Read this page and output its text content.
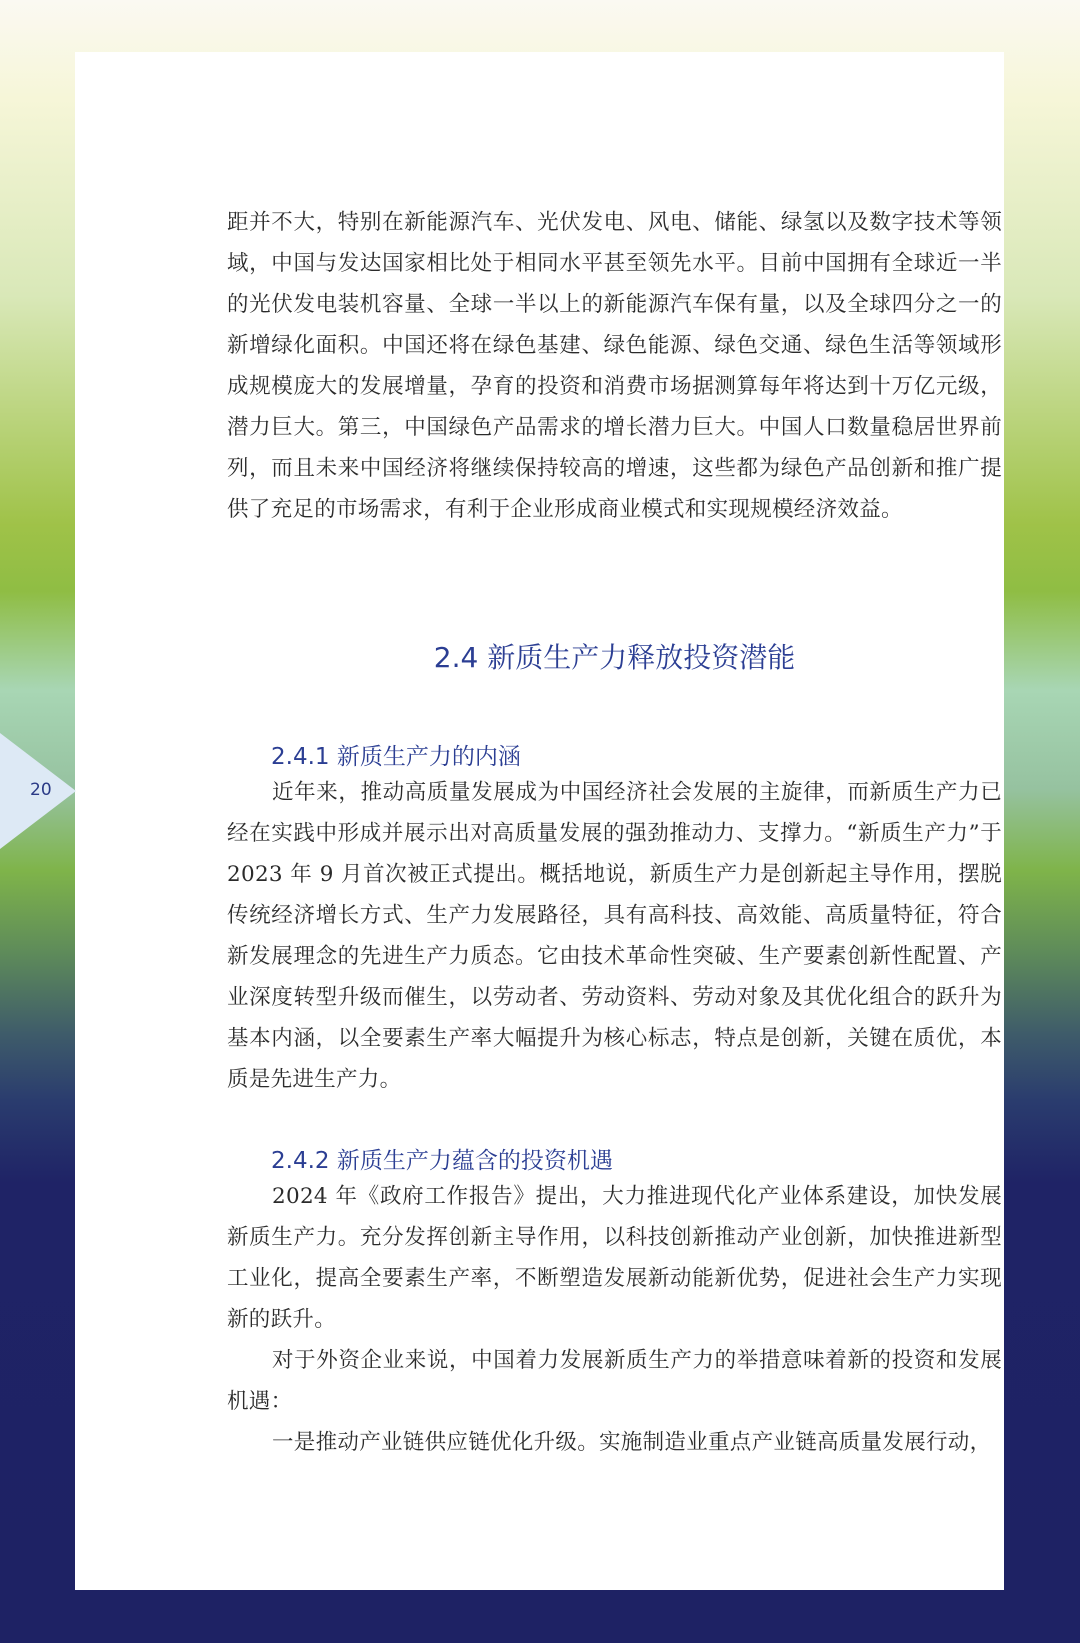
距并不大，特别在新能源汽车、光伏发电、风电、储能、绿氢以及数字技术等领域，中国与发达国家相比处于相同水平甚至领先水平。目前中国拥有全球近一半的光伏发电装机容量、全球一半以上的新能源汽车保有量，以及全球四分之一的新增绿化面积。中国还将在绿色基建、绿色能源、绿色交通、绿色生活等领域形成规模庞大的发展增量，孕育的投资和消费市场据测算每年将达到十万亿元级，潜力巨大。第三，中国绿色产品需求的增长潜力巨大。中国人口数量稳居世界前列，而且未来中国经济将继续保持较高的增速，这些都为绿色产品创新和推广提供了充足的市场需求，有利于企业形成商业模式和实现规模经济效益。

2.4 新质生产力释放投资潜能
2.4.1 新质生产力的内涵

近年来，推动高质量发展成为中国经济社会发展的主旋律，而新质生产力已经在实践中形成并展示出对高质量发展的强劲推动力、支撑力。“新质生产力”于 2023 年 9 月首次被正式提出。概括地说，新质生产力是创新起主导作用，摆脱传统经济增长方式、生产力发展路径，具有高科技、高效能、高质量特征，符合新发展理念的先进生产力质态。它由技术革命性突破、生产要素创新性配置、产业深度转型升级而催生，以劳动者、劳动资料、劳动对象及其优化组合的跃升为基本内涵，以全要素生产率大幅提升为核心标志，特点是创新，关键在质优，本质是先进生产力。

2.4.2 新质生产力蕴含的投资机遇

2024 年《政府工作报告》提出，大力推进现代化产业体系建设，加快发展新质生产力。充分发挥创新主导作用，以科技创新推动产业创新，加快推进新型工业化，提高全要素生产率，不断塑造发展新动能新优势，促进社会生产力实现新的跃升。

对于外资企业来说，中国着力发展新质生产力的举措意味着新的投资和发展机遇：

一是推动产业链供应链优化升级。实施制造业重点产业链高质量发展行动，

20
